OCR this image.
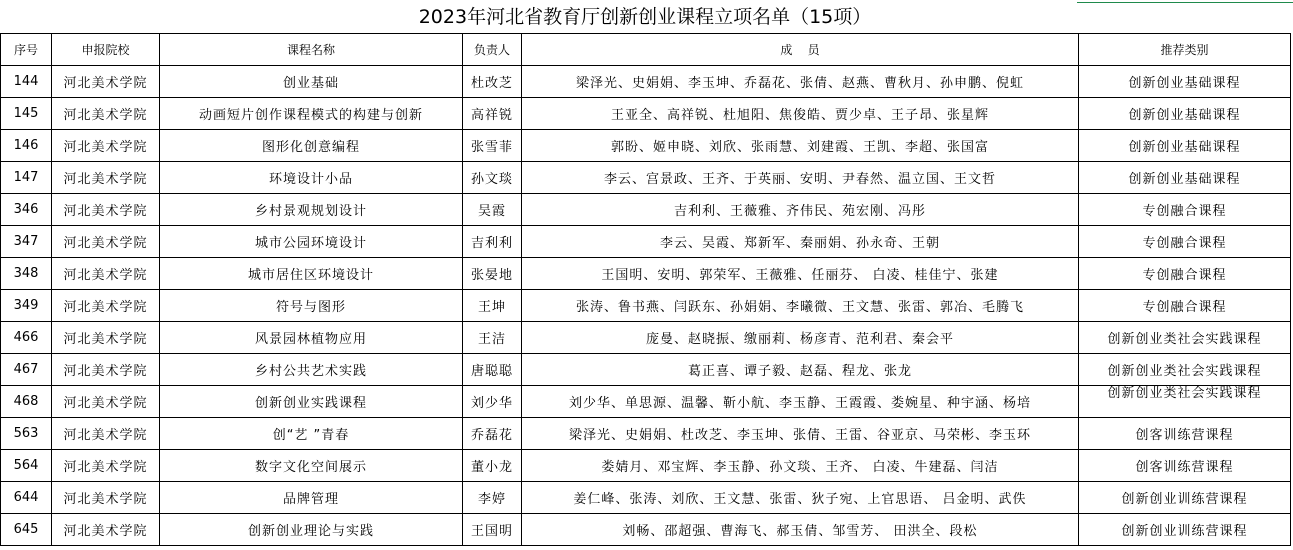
2023年河北省教育厅创新创业课程立项名单（15项）
序号	申报院校	课程名称	负责人	成    员	推荐类别
144	河北美术学院	创业基础	杜改芝	梁泽光、史娟娟、李玉坤、乔磊花、张倩、赵燕、曹秋月、孙申鹏、倪虹	创新创业基础课程
145	河北美术学院	动画短片创作课程模式的构建与创新	高祥锐	王亚全、高祥锐、杜旭阳、焦俊皓、贾少卓、王子昂、张星辉	创新创业基础课程
146	河北美术学院	图形化创意编程	张雪菲	郭盼、姬申晓、刘欣、张雨慧、刘建霞、王凯、李超、张国富	创新创业基础课程
147	河北美术学院	环境设计小品	孙文琰	李云、宫景政、王齐、于英丽、安明、尹春然、温立国、王文哲	创新创业基础课程
346	河北美术学院	乡村景观规划设计	吴霞	吉利利、王薇雅、齐伟民、苑宏刚、冯彤	专创融合课程
347	河北美术学院	城市公园环境设计	吉利利	李云、吴霞、郑新军、秦丽娟、孙永奇、王朝	专创融合课程
348	河北美术学院	城市居住区环境设计	张晏地	王国明、安明、郭荣军、王薇雅、任丽芬、 白凌、桂佳宁、张建	专创融合课程
349	河北美术学院	符号与图形	王坤	张涛、鲁书燕、闫跃东、孙娟娟、李曦微、王文慧、张雷、郭冶、毛腾飞	专创融合课程
466	河北美术学院	风景园林植物应用	王洁	庞曼、赵晓振、缴丽莉、杨彦青、范利君、秦会平	创新创业类社会实践课程
467	河北美术学院	乡村公共艺术实践	唐聪聪	葛正喜、谭子毅、赵磊、程龙、张龙	创新创业类社会实践课程
468	河北美术学院	创新创业实践课程	刘少华	刘少华、单思源、温馨、靳小航、李玉静、王霞霞、娄婉星、种宇涵、杨培	创新创业类社会实践课程
563	河北美术学院	创“艺 ”青春	乔磊花	梁泽光、史娟娟、杜改芝、李玉坤、张倩、王雷、谷亚京、马荣彬、李玉环	创客训练营课程
564	河北美术学院	数字文化空间展示	董小龙	娄婧月、邓宝辉、李玉静、孙文琰、王齐、 白凌、牛建磊、闫洁	创客训练营课程
644	河北美术学院	品牌管理	李婷	姜仁峰、张涛、刘欣、王文慧、张雷、狄子宛、上官思语、 吕金明、武佚	创新创业训练营课程
645	河北美术学院	创新创业理论与实践	王国明	刘畅、邵超强、曹海飞、郝玉倩、邹雪芳、 田洪全、段松	创新创业训练营课程
